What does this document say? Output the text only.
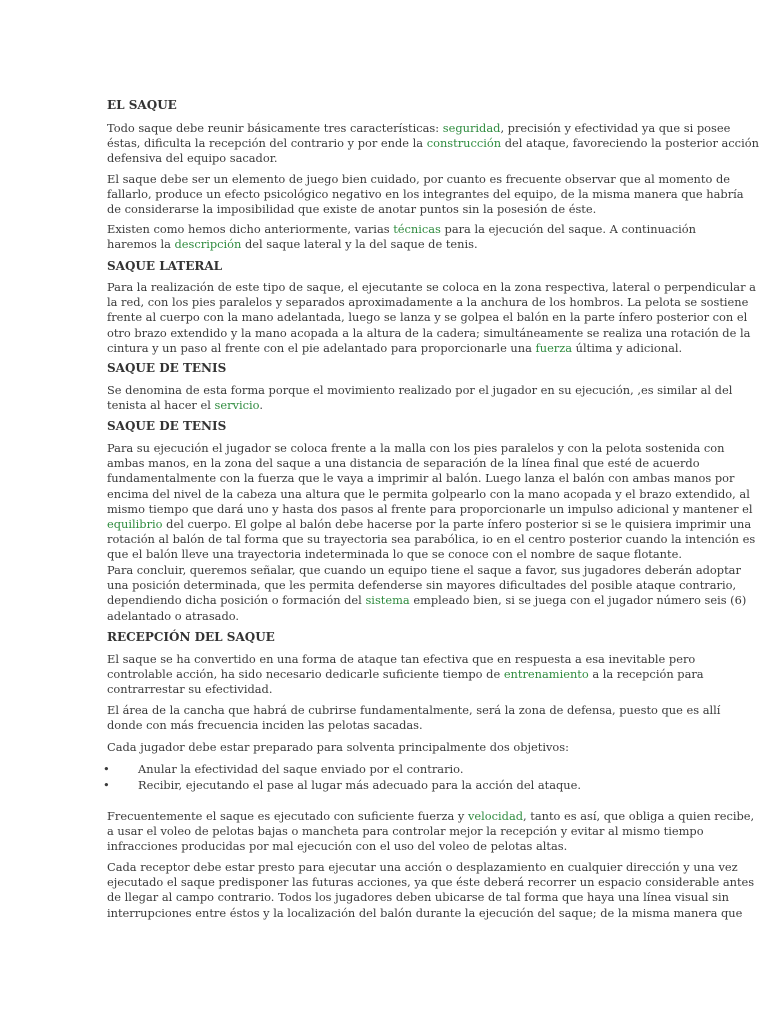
EL SAQUE
Todo saque debe reunir básicamente tres características: seguridad, precisión y efectividad ya que si posee
éstas, dificulta la recepción del contrario y por ende la construcción del ataque, favoreciendo la posterior acción
defensiva del equipo sacador.
El saque debe ser un elemento de juego bien cuidado, por cuanto es frecuente observar que al momento de
fallarlo, produce un efecto psicológico negativo en los integrantes del equipo, de la misma manera que habría
de considerarse la imposibilidad que existe de anotar puntos sin la posesión de éste.
Existen como hemos dicho anteriormente, varias técnicas para la ejecución del saque. A continuación
haremos la descripción del saque lateral y la del saque de tenis.
SAQUE LATERAL
Para la realización de este tipo de saque, el ejecutante se coloca en la zona respectiva, lateral o perpendicular a
la red, con los pies paralelos y separados aproximadamente a la anchura de los hombros. La pelota se sostiene
frente al cuerpo con la mano adelantada, luego se lanza y se golpea el balón en la parte ínfero posterior con el
otro brazo extendido y la mano acopada a la altura de la cadera; simultáneamente se realiza una rotación de la
cintura y un paso al frente con el pie adelantado para proporcionarle una fuerza última y adicional.
SAQUE DE TENIS
Se denomina de esta forma porque el movimiento realizado por el jugador en su ejecución, ,es similar al del
tenista al hacer el servicio.
SAQUE DE TENIS
Para su ejecución el jugador se coloca frente a la malla con los pies paralelos y con la pelota sostenida con
ambas manos, en la zona del saque a una distancia de separación de la línea final que esté de acuerdo
fundamentalmente con la fuerza que le vaya a imprimir al balón. Luego lanza el balón con ambas manos por
encima del nivel de la cabeza una altura que le permita golpearlo con la mano acopada y el brazo extendido, al
mismo tiempo que dará uno y hasta dos pasos al frente para proporcionarle un impulso adicional y mantener el
equilibrio del cuerpo. El golpe al balón debe hacerse por la parte ínfero posterior si se le quisiera imprimir una
rotación al balón de tal forma que su trayectoria sea parabólica, io en el centro posterior cuando la intención es
que el balón lleve una trayectoria indeterminada lo que se conoce con el nombre de saque flotante.
Para concluir, queremos señalar, que cuando un equipo tiene el saque a favor, sus jugadores deberán adoptar
una posición determinada, que les permita defenderse sin mayores dificultades del posible ataque contrario,
dependiendo dicha posición o formación del sistema empleado bien, si se juega con el jugador número seis (6)
adelantado o atrasado.
RECEPCIÓN DEL SAQUE
El saque se ha convertido en una forma de ataque tan efectiva que en respuesta a esa inevitable pero
controlable acción, ha sido necesario dedicarle suficiente tiempo de entrenamiento a la recepción para
contrarrestar su efectividad.
El área de la cancha que habrá de cubrirse fundamentalmente, será la zona de defensa, puesto que es allí
donde con más frecuencia inciden las pelotas sacadas.
Cada jugador debe estar preparado para solventa principalmente dos objetivos:
• Anular la efectividad del saque enviado por el contrario.
• Recibir, ejecutando el pase al lugar más adecuado para la acción del ataque.
Frecuentemente el saque es ejecutado con suficiente fuerza y velocidad, tanto es así, que obliga a quien recibe,
a usar el voleo de pelotas bajas o mancheta para controlar mejor la recepción y evitar al mismo tiempo
infracciones producidas por mal ejecución con el uso del voleo de pelotas altas.
Cada receptor debe estar presto para ejecutar una acción o desplazamiento en cualquier dirección y una vez
ejecutado el saque predisponer las futuras acciones, ya que éste deberá recorrer un espacio considerable antes
de llegar al campo contrario. Todos los jugadores deben ubicarse de tal forma que haya una línea visual sin
interrupciones entre éstos y la localización del balón durante la ejecución del saque; de la misma manera que
